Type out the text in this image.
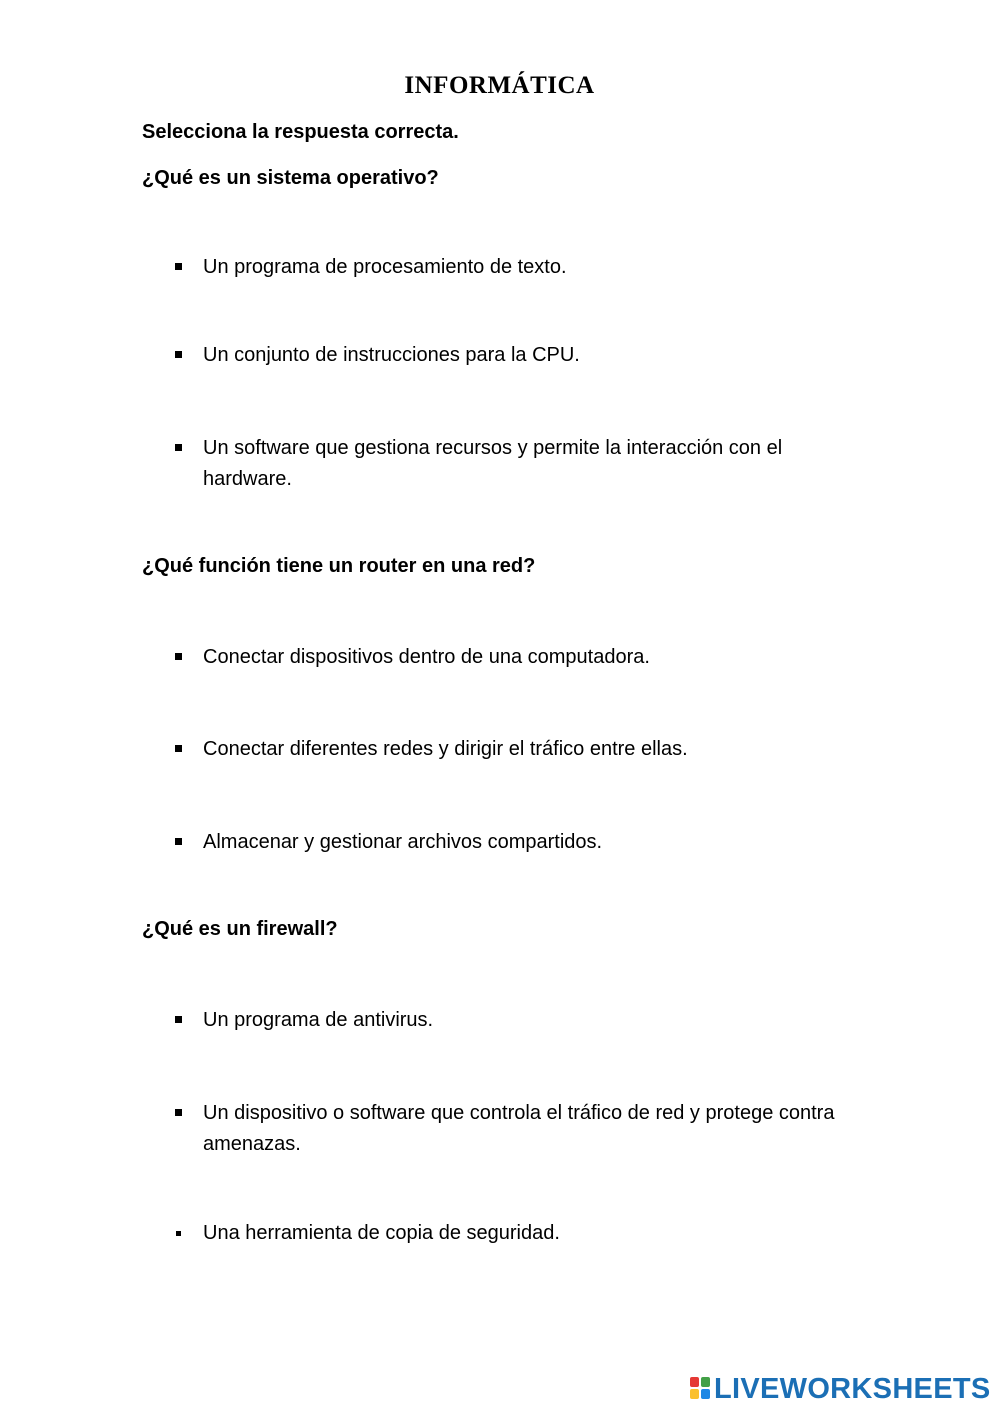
INFORMÁTICA
Selecciona la respuesta correcta.
¿Qué es un sistema operativo?
Un programa de procesamiento de texto.
Un conjunto de instrucciones para la CPU.
Un software que gestiona recursos y permite la interacción con el hardware.
¿Qué función tiene un router en una red?
Conectar dispositivos dentro de una computadora.
Conectar diferentes redes y dirigir el tráfico entre ellas.
Almacenar y gestionar archivos compartidos.
¿Qué es un firewall?
Un programa de antivirus.
Un dispositivo o software que controla el tráfico de red y protege contra amenazas.
Una herramienta de copia de seguridad.
LIVEWORKSHEETS
